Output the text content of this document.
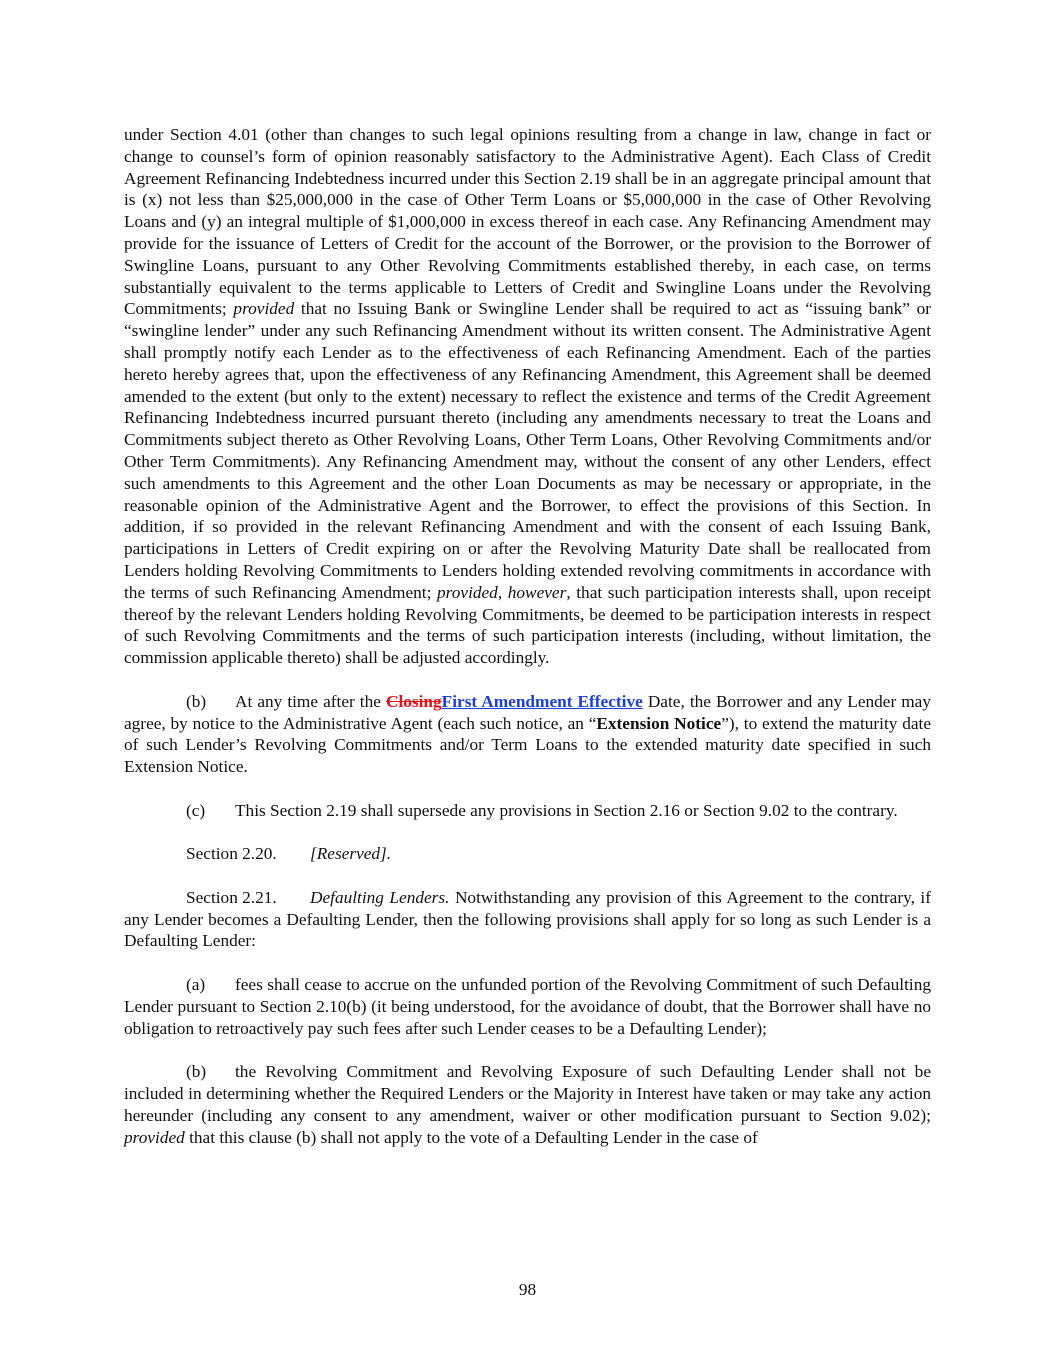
under Section 4.01 (other than changes to such legal opinions resulting from a change in law, change in fact or change to counsel’s form of opinion reasonably satisfactory to the Administrative Agent). Each Class of Credit Agreement Refinancing Indebtedness incurred under this Section 2.19 shall be in an aggregate principal amount that is (x) not less than $25,000,000 in the case of Other Term Loans or $5,000,000 in the case of Other Revolving Loans and (y) an integral multiple of $1,000,000 in excess thereof in each case. Any Refinancing Amendment may provide for the issuance of Letters of Credit for the account of the Borrower, or the provision to the Borrower of Swingline Loans, pursuant to any Other Revolving Commitments established thereby, in each case, on terms substantially equivalent to the terms applicable to Letters of Credit and Swingline Loans under the Revolving Commitments; provided that no Issuing Bank or Swingline Lender shall be required to act as “issuing bank” or “swingline lender” under any such Refinancing Amendment without its written consent. The Administrative Agent shall promptly notify each Lender as to the effectiveness of each Refinancing Amendment. Each of the parties hereto hereby agrees that, upon the effectiveness of any Refinancing Amendment, this Agreement shall be deemed amended to the extent (but only to the extent) necessary to reflect the existence and terms of the Credit Agreement Refinancing Indebtedness incurred pursuant thereto (including any amendments necessary to treat the Loans and Commitments subject thereto as Other Revolving Loans, Other Term Loans, Other Revolving Commitments and/or Other Term Commitments). Any Refinancing Amendment may, without the consent of any other Lenders, effect such amendments to this Agreement and the other Loan Documents as may be necessary or appropriate, in the reasonable opinion of the Administrative Agent and the Borrower, to effect the provisions of this Section. In addition, if so provided in the relevant Refinancing Amendment and with the consent of each Issuing Bank, participations in Letters of Credit expiring on or after the Revolving Maturity Date shall be reallocated from Lenders holding Revolving Commitments to Lenders holding extended revolving commitments in accordance with the terms of such Refinancing Amendment; provided, however, that such participation interests shall, upon receipt thereof by the relevant Lenders holding Revolving Commitments, be deemed to be participation interests in respect of such Revolving Commitments and the terms of such participation interests (including, without limitation, the commission applicable thereto) shall be adjusted accordingly.

(b) At any time after the ClosingFirst Amendment Effective Date, the Borrower and any Lender may agree, by notice to the Administrative Agent (each such notice, an “Extension Notice”), to extend the maturity date of such Lender’s Revolving Commitments and/or Term Loans to the extended maturity date specified in such Extension Notice.

(c) This Section 2.19 shall supersede any provisions in Section 2.16 or Section 9.02 to the contrary.

Section 2.20. [Reserved].

Section 2.21. Defaulting Lenders. Notwithstanding any provision of this Agreement to the contrary, if any Lender becomes a Defaulting Lender, then the following provisions shall apply for so long as such Lender is a Defaulting Lender:

(a) fees shall cease to accrue on the unfunded portion of the Revolving Commitment of such Defaulting Lender pursuant to Section 2.10(b) (it being understood, for the avoidance of doubt, that the Borrower shall have no obligation to retroactively pay such fees after such Lender ceases to be a Defaulting Lender);

(b) the Revolving Commitment and Revolving Exposure of such Defaulting Lender shall not be included in determining whether the Required Lenders or the Majority in Interest have taken or may take any action hereunder (including any consent to any amendment, waiver or other modification pursuant to Section 9.02); provided that this clause (b) shall not apply to the vote of a Defaulting Lender in the case of

98
